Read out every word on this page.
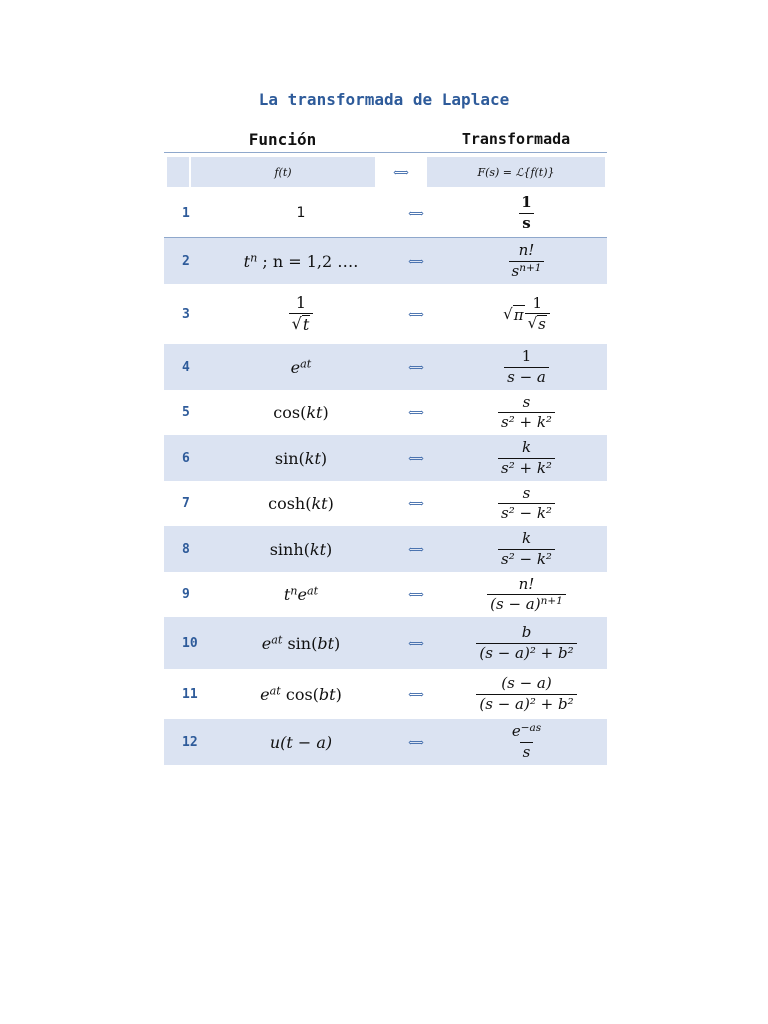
La transformada de Laplace
Función	Transformada
f(t)	⟺	F(s) = ℒ{f(t)}
1	1	⟺	$\frac{1}{s}$
2	$t^n$ ; n = 1,2 ….	⟺	$\frac{n!}{s^{n+1}}$
3	$\frac{1}{√ t}$	⟺	√ π $\frac{1}{√ s}$
4	$e^{at}$	⟺	$\frac{1}{s - a}$
5	cos(kt)	⟺	$\frac{s}{\text{s² + k²}}$
6	sin(kt)	⟺	$\frac{k}{\text{s² + k²}}$
7	cosh(kt)	⟺	$\frac{s}{\text{s² − k²}}$
8	sinh(kt)	⟺	$\frac{k}{\text{s² − k²}}$
9	$t^ne^{at}$	⟺	$\frac{n!}{(s - a)^{n+1}}$
10	$e^{at}$ sin(bt)	⟺	$\frac{b}{\text{(s − a)² + b²}}$
11	$e^{at}$ cos(bt)	⟺	$\frac{(s - a)}{\text{(s − a)² + b²}}$
12	u(t − a)	⟺	$\frac{e^{-as}}{s}$
